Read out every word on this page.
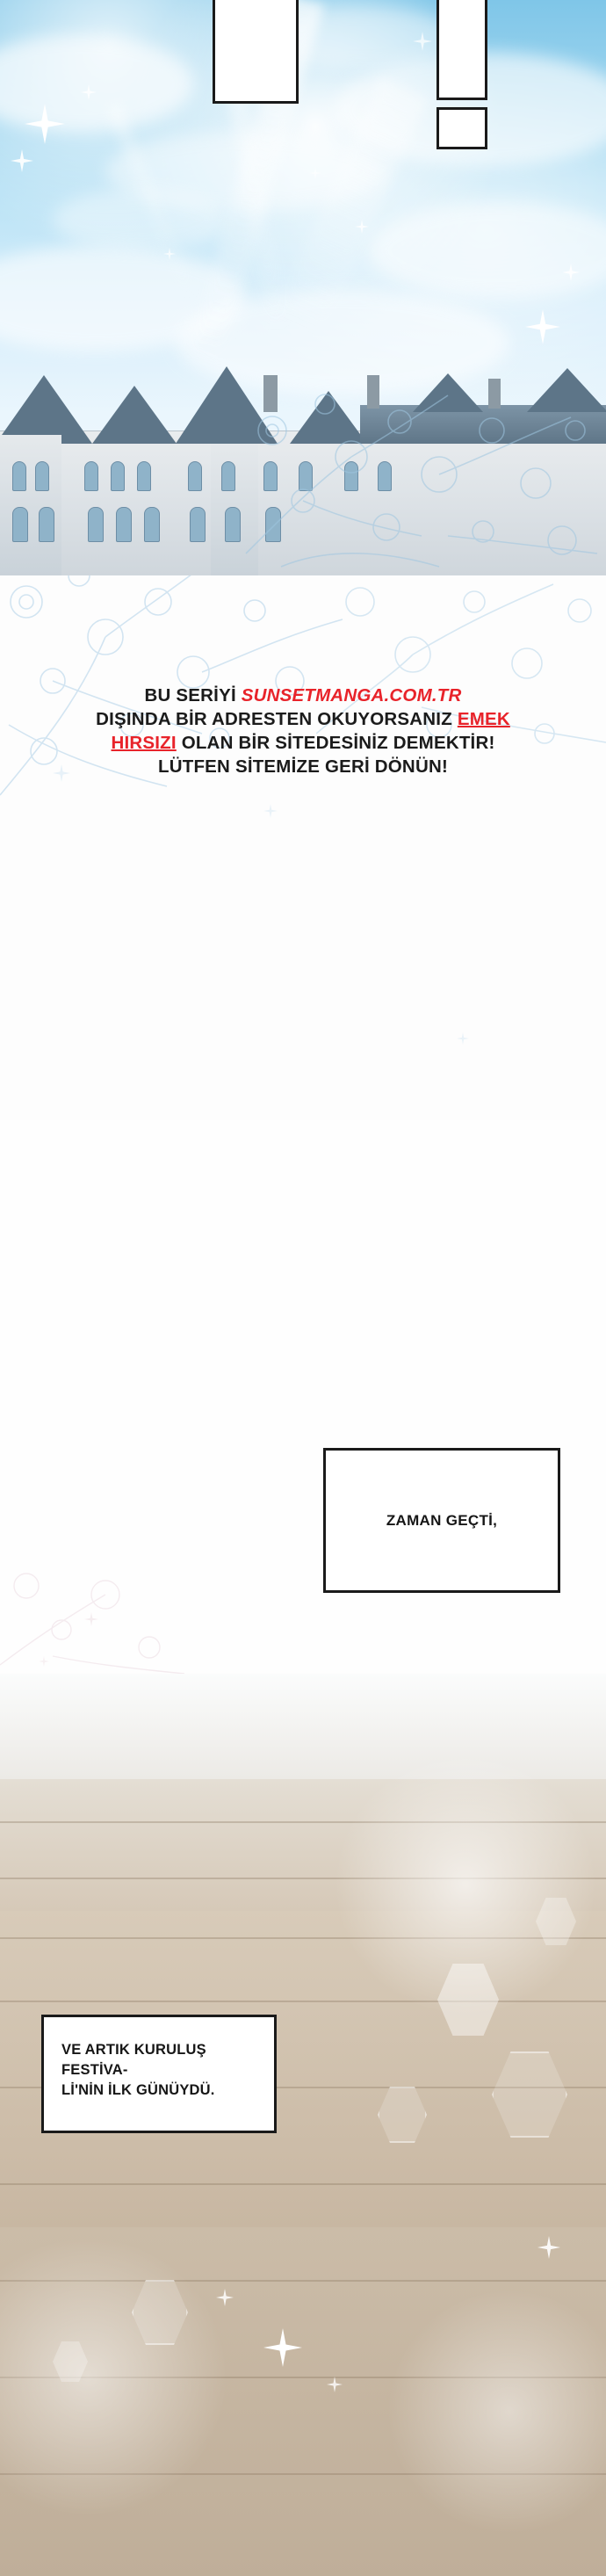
BU SERİYİ SUNSETMANGA.COM.TR
DIŞINDA BİR ADRESTEN OKUYORSANIZ EMEK
HIRSIZI OLAN BİR SİTEDESİNİZ DEMEKTİR!
LÜTFEN SİTEMİZE GERİ DÖNÜN!
ZAMAN GEÇTİ,
VE ARTIK KURULUŞ FESTİVA-
Lİ'NİN İLK GÜNÜYDÜ.
